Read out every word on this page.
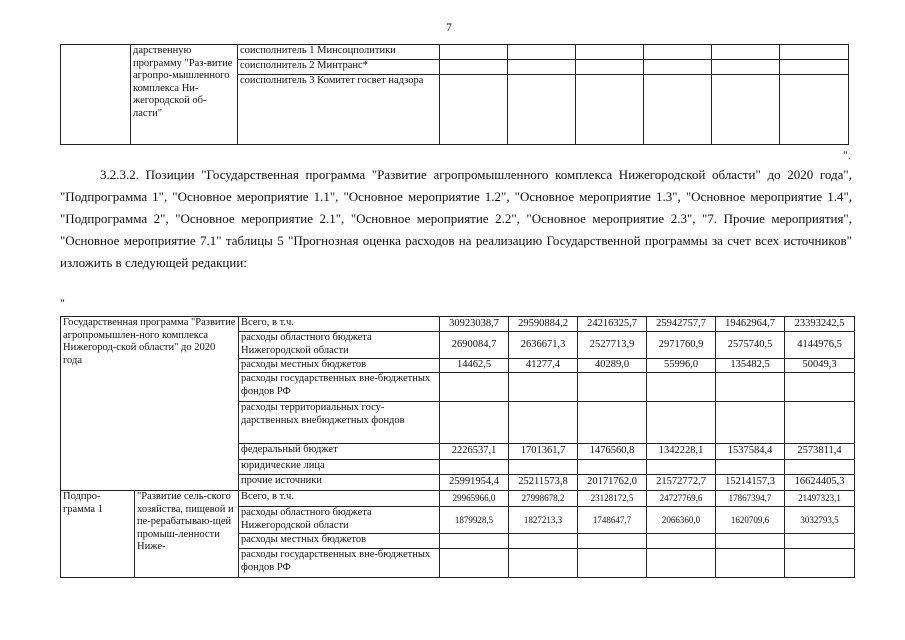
7
	дарственную программу "Раз-витие агропро-мышленного комплекса Ни-жегородской об-ласти"	соисполнитель 1 Минсоцполитики						
		соисполнитель 2 Минтранс*						
		соисполнитель 3 Комитет госвет надзора						
".
3.2.3.2. Позиции "Государственная программа "Развитие агропромышленного комплекса Нижегородской области" до 2020 года", "Подпрограмма 1", "Основное мероприятие 1.1", "Основное мероприятие 1.2", "Основное мероприятие 1.3", "Основное мероприятие 1.4", "Подпрограмма 2", "Основное мероприятие 2.1", "Основное мероприятие 2.2", "Основное мероприятие 2.3", "7. Прочие мероприятия", "Основное мероприятие 7.1" таблицы 5 "Прогнозная оценка расходов на реализацию Государственной программы за счет всех источников" изложить в следующей редакции:
"
Государственная программа "Развитие агропромышлен-ного комплекса Нижегород-ской области" до 2020 года		Всего, в т.ч.	30923038,7	29590884,2	24216325,7	25942757,7	19462964,7	23393242,5
		расходы областного бюджета Нижегородской области	2690084,7	2636671,3	2527713,9	2971760,9	2575740,5	4144976,5
		расходы местных бюджетов	14462,5	41277,4	40289,0	55996,0	135482,5	50049,3
		расходы государственных вне-бюджетных фондов РФ						
		расходы территориальных госу-дарственных внебюджетных фондов						
		федеральный бюджет	2226537,1	1701361,7	1476560,8	1342228,1	1537584,4	2573811,4
		юридические лица						
		прочие источники	25991954,4	25211573,8	20171762,0	21572772,7	15214157,3	16624405,3
Подпро-грамма 1	"Развитие сель-ского хозяйства, пищевой и пе-рерабатываю-щей промыш-ленности Ниже-	Всего, в т.ч.	29965966,0	27998678,2	23128172,5	24727769,6	17867394,7	21497323,1
		расходы областного бюджета Нижегородской области	1879928,5	1827213,3	1748647,7	2066360,0	1620709,6	3032793,5
		расходы местных бюджетов						
		расходы государственных вне-бюджетных фондов РФ						
